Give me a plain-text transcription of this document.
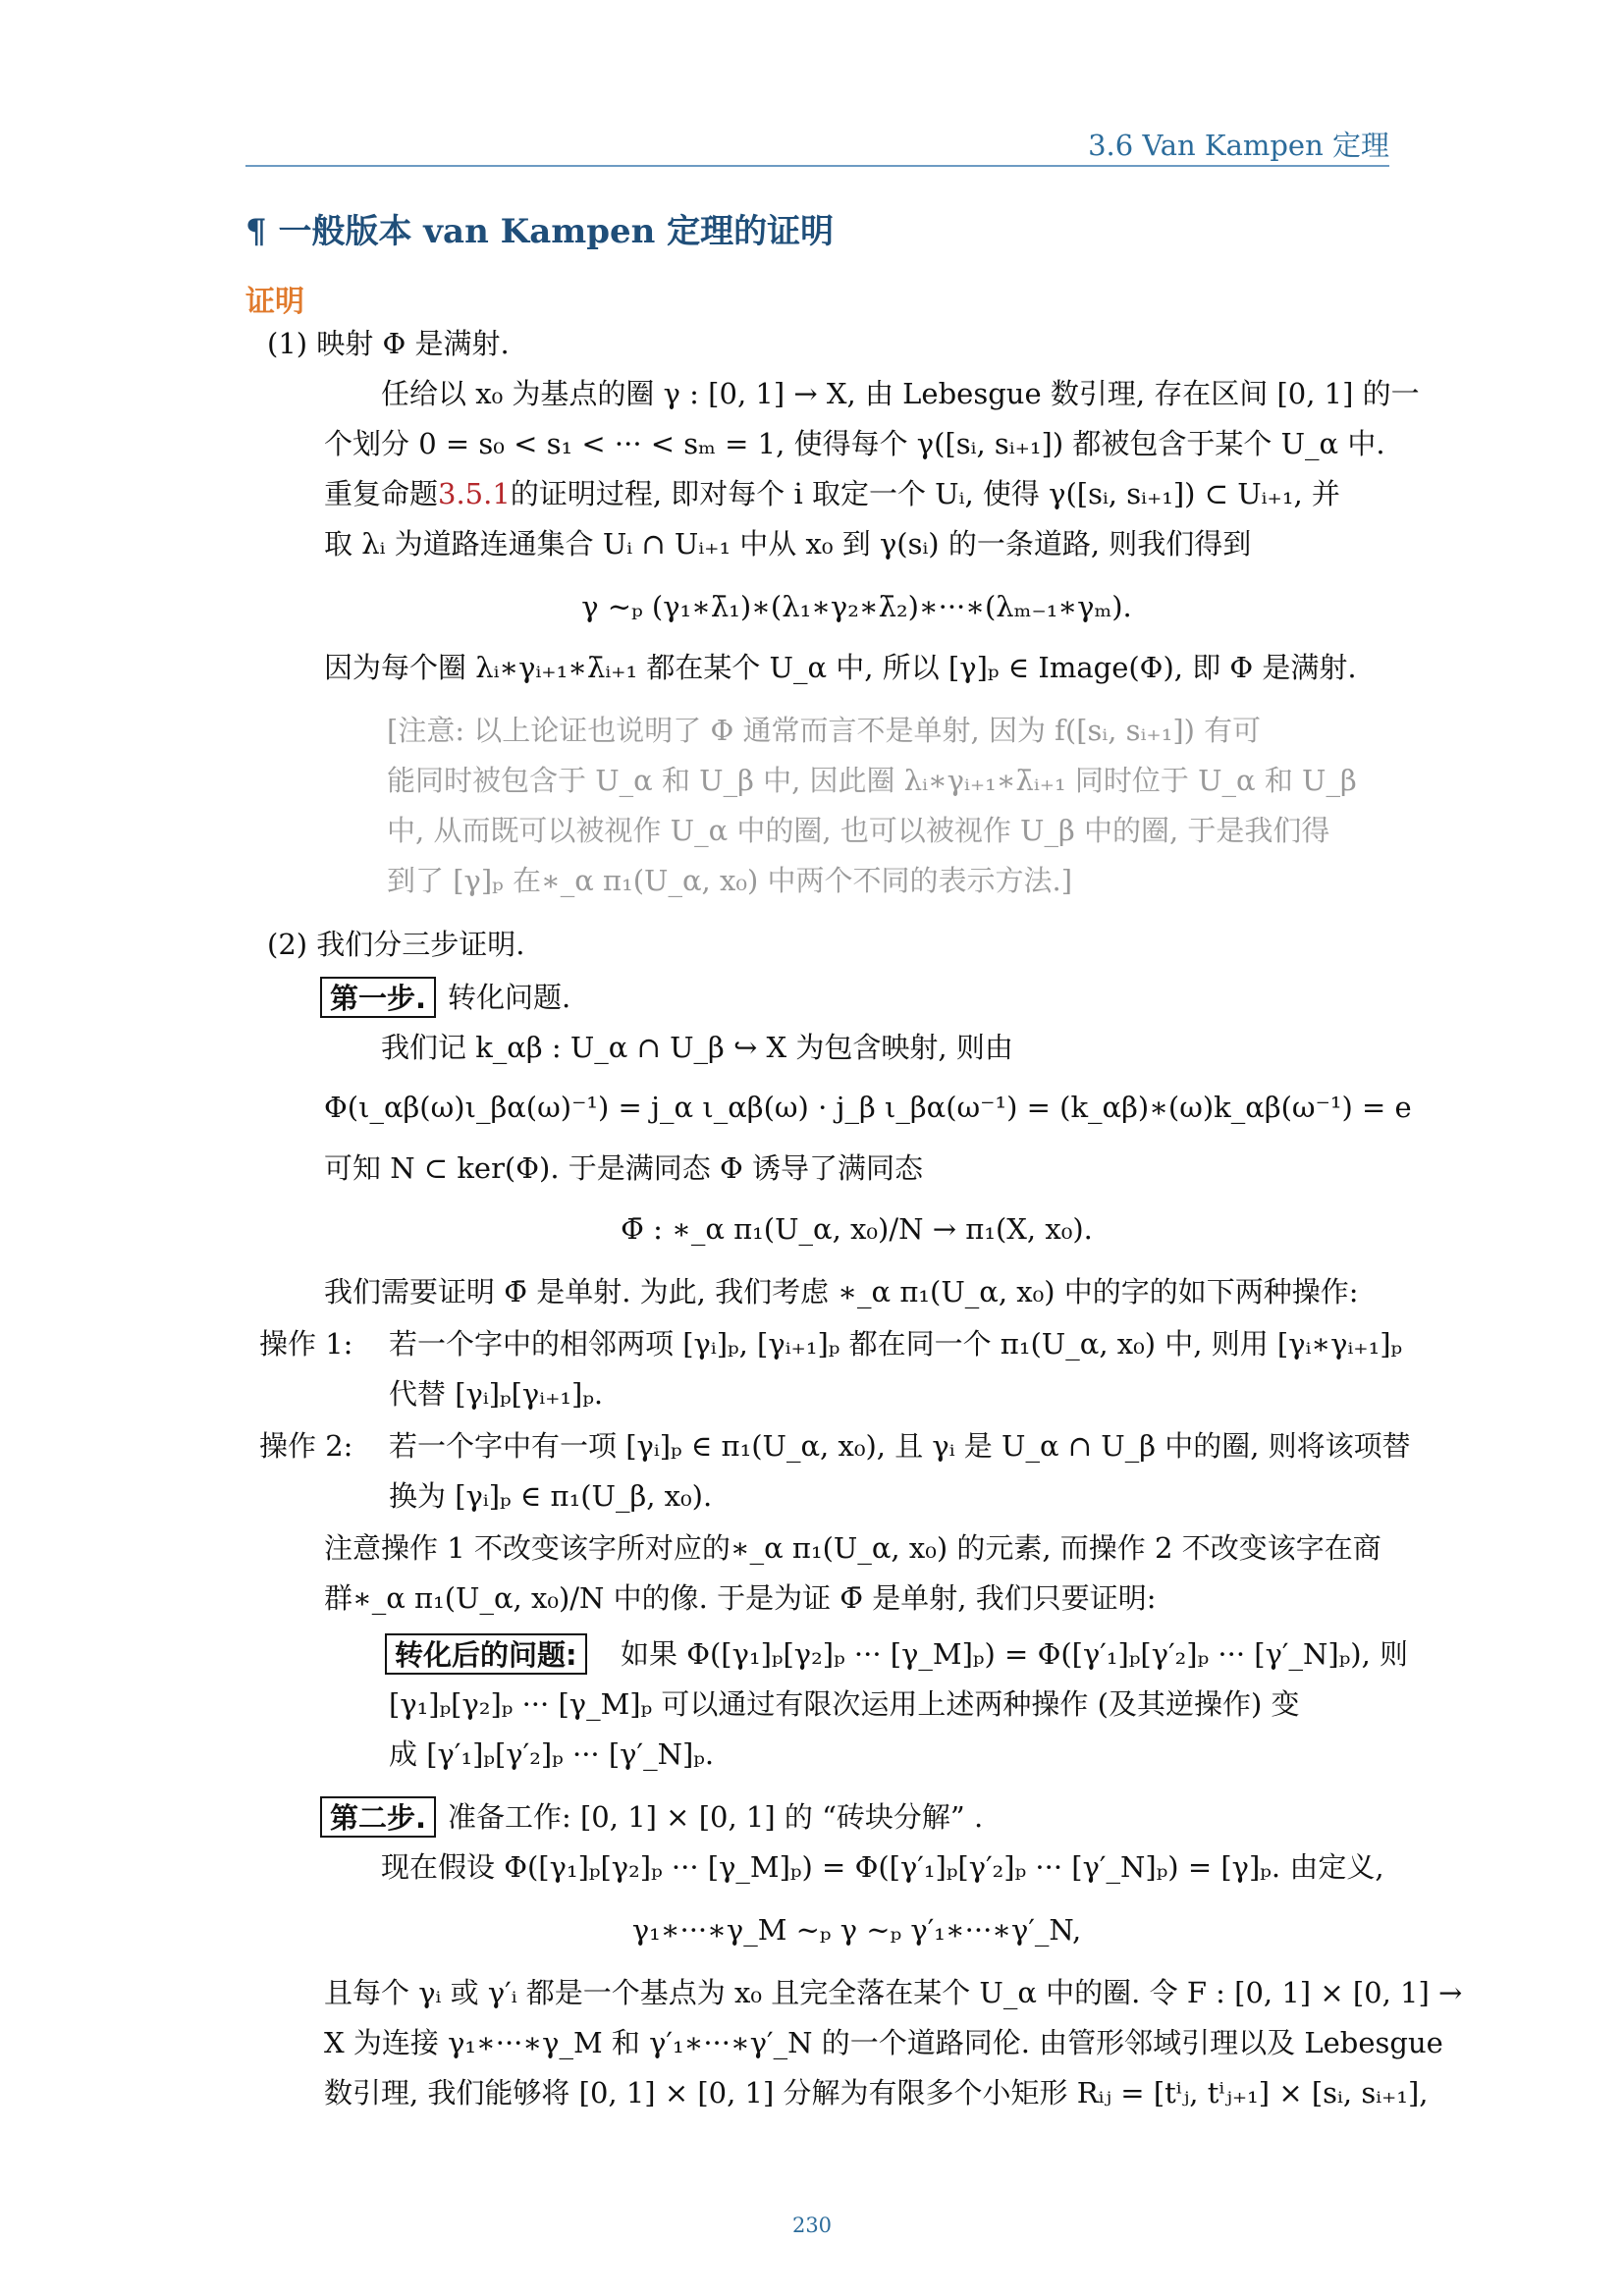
3.6 Van Kampen 定理
¶ 一般版本 van Kampen 定理的证明
证明
(1) 映射 Φ 是满射.
任给以 x₀ 为基点的圈 γ : [0, 1] → X, 由 Lebesgue 数引理, 存在区间 [0, 1] 的一
个划分 0 = s₀ < s₁ < ··· < sₘ = 1, 使得每个 γ([sᵢ, sᵢ₊₁]) 都被包含于某个 U_α 中.
重复命题3.5.1的证明过程, 即对每个 i 取定一个 Uᵢ, 使得 γ([sᵢ, sᵢ₊₁]) ⊂ Uᵢ₊₁, 并
取 λᵢ 为道路连通集合 Uᵢ ∩ Uᵢ₊₁ 中从 x₀ 到 γ(sᵢ) 的一条道路, 则我们得到
γ ∼ₚ (γ₁∗λ̄₁)∗(λ₁∗γ₂∗λ̄₂)∗···∗(λₘ₋₁∗γₘ).
因为每个圈 λᵢ∗γᵢ₊₁∗λ̄ᵢ₊₁ 都在某个 U_α 中, 所以 [γ]ₚ ∈ Image(Φ), 即 Φ 是满射.
[注意: 以上论证也说明了 Φ 通常而言不是单射, 因为 f([sᵢ, sᵢ₊₁]) 有可
能同时被包含于 U_α 和 U_β 中, 因此圈 λᵢ∗γᵢ₊₁∗λ̄ᵢ₊₁ 同时位于 U_α 和 U_β
中, 从而既可以被视作 U_α 中的圈, 也可以被视作 U_β 中的圈, 于是我们得
到了 [γ]ₚ 在∗_α π₁(U_α, x₀) 中两个不同的表示方法.]
(2) 我们分三步证明.
第一步. 转化问题.
我们记 k_αβ : U_α ∩ U_β ↪ X 为包含映射, 则由
Φ(ι_αβ(ω)ι_βα(ω)⁻¹) = j_α ι_αβ(ω) · j_β ι_βα(ω⁻¹) = (k_αβ)∗(ω)k_αβ(ω⁻¹) = e
可知 N ⊂ ker(Φ). 于是满同态 Φ 诱导了满同态
Φ̄ : ∗_α π₁(U_α, x₀)/N → π₁(X, x₀).
我们需要证明 Φ̄ 是单射. 为此, 我们考虑 ∗_α π₁(U_α, x₀) 中的字的如下两种操作:
操作 1: 若一个字中的相邻两项 [γᵢ]ₚ, [γᵢ₊₁]ₚ 都在同一个 π₁(U_α, x₀) 中, 则用 [γᵢ∗γᵢ₊₁]ₚ
代替 [γᵢ]ₚ[γᵢ₊₁]ₚ.
操作 2: 若一个字中有一项 [γᵢ]ₚ ∈ π₁(U_α, x₀), 且 γᵢ 是 U_α ∩ U_β 中的圈, 则将该项替
换为 [γᵢ]ₚ ∈ π₁(U_β, x₀).
注意操作 1 不改变该字所对应的∗_α π₁(U_α, x₀) 的元素, 而操作 2 不改变该字在商
群∗_α π₁(U_α, x₀)/N 中的像. 于是为证 Φ̄ 是单射, 我们只要证明:
转化后的问题:	如果 Φ([γ₁]ₚ[γ₂]ₚ ··· [γ_M]ₚ) = Φ([γ′₁]ₚ[γ′₂]ₚ ··· [γ′_N]ₚ), 则
[γ₁]ₚ[γ₂]ₚ ··· [γ_M]ₚ 可以通过有限次运用上述两种操作 (及其逆操作) 变
成 [γ′₁]ₚ[γ′₂]ₚ ··· [γ′_N]ₚ.
第二步. 准备工作: [0, 1] × [0, 1] 的 “砖块分解” .
现在假设 Φ([γ₁]ₚ[γ₂]ₚ ··· [γ_M]ₚ) = Φ([γ′₁]ₚ[γ′₂]ₚ ··· [γ′_N]ₚ) = [γ]ₚ. 由定义,
γ₁∗···∗γ_M ∼ₚ γ ∼ₚ γ′₁∗···∗γ′_N,
且每个 γᵢ 或 γ′ᵢ 都是一个基点为 x₀ 且完全落在某个 U_α 中的圈. 令 F : [0, 1] × [0, 1] →
X 为连接 γ₁∗···∗γ_M 和 γ′₁∗···∗γ′_N 的一个道路同伦. 由管形邻域引理以及 Lebesgue
数引理, 我们能够将 [0, 1] × [0, 1] 分解为有限多个小矩形 Rᵢⱼ = [tⁱⱼ, tⁱⱼ₊₁] × [sᵢ, sᵢ₊₁],
230
